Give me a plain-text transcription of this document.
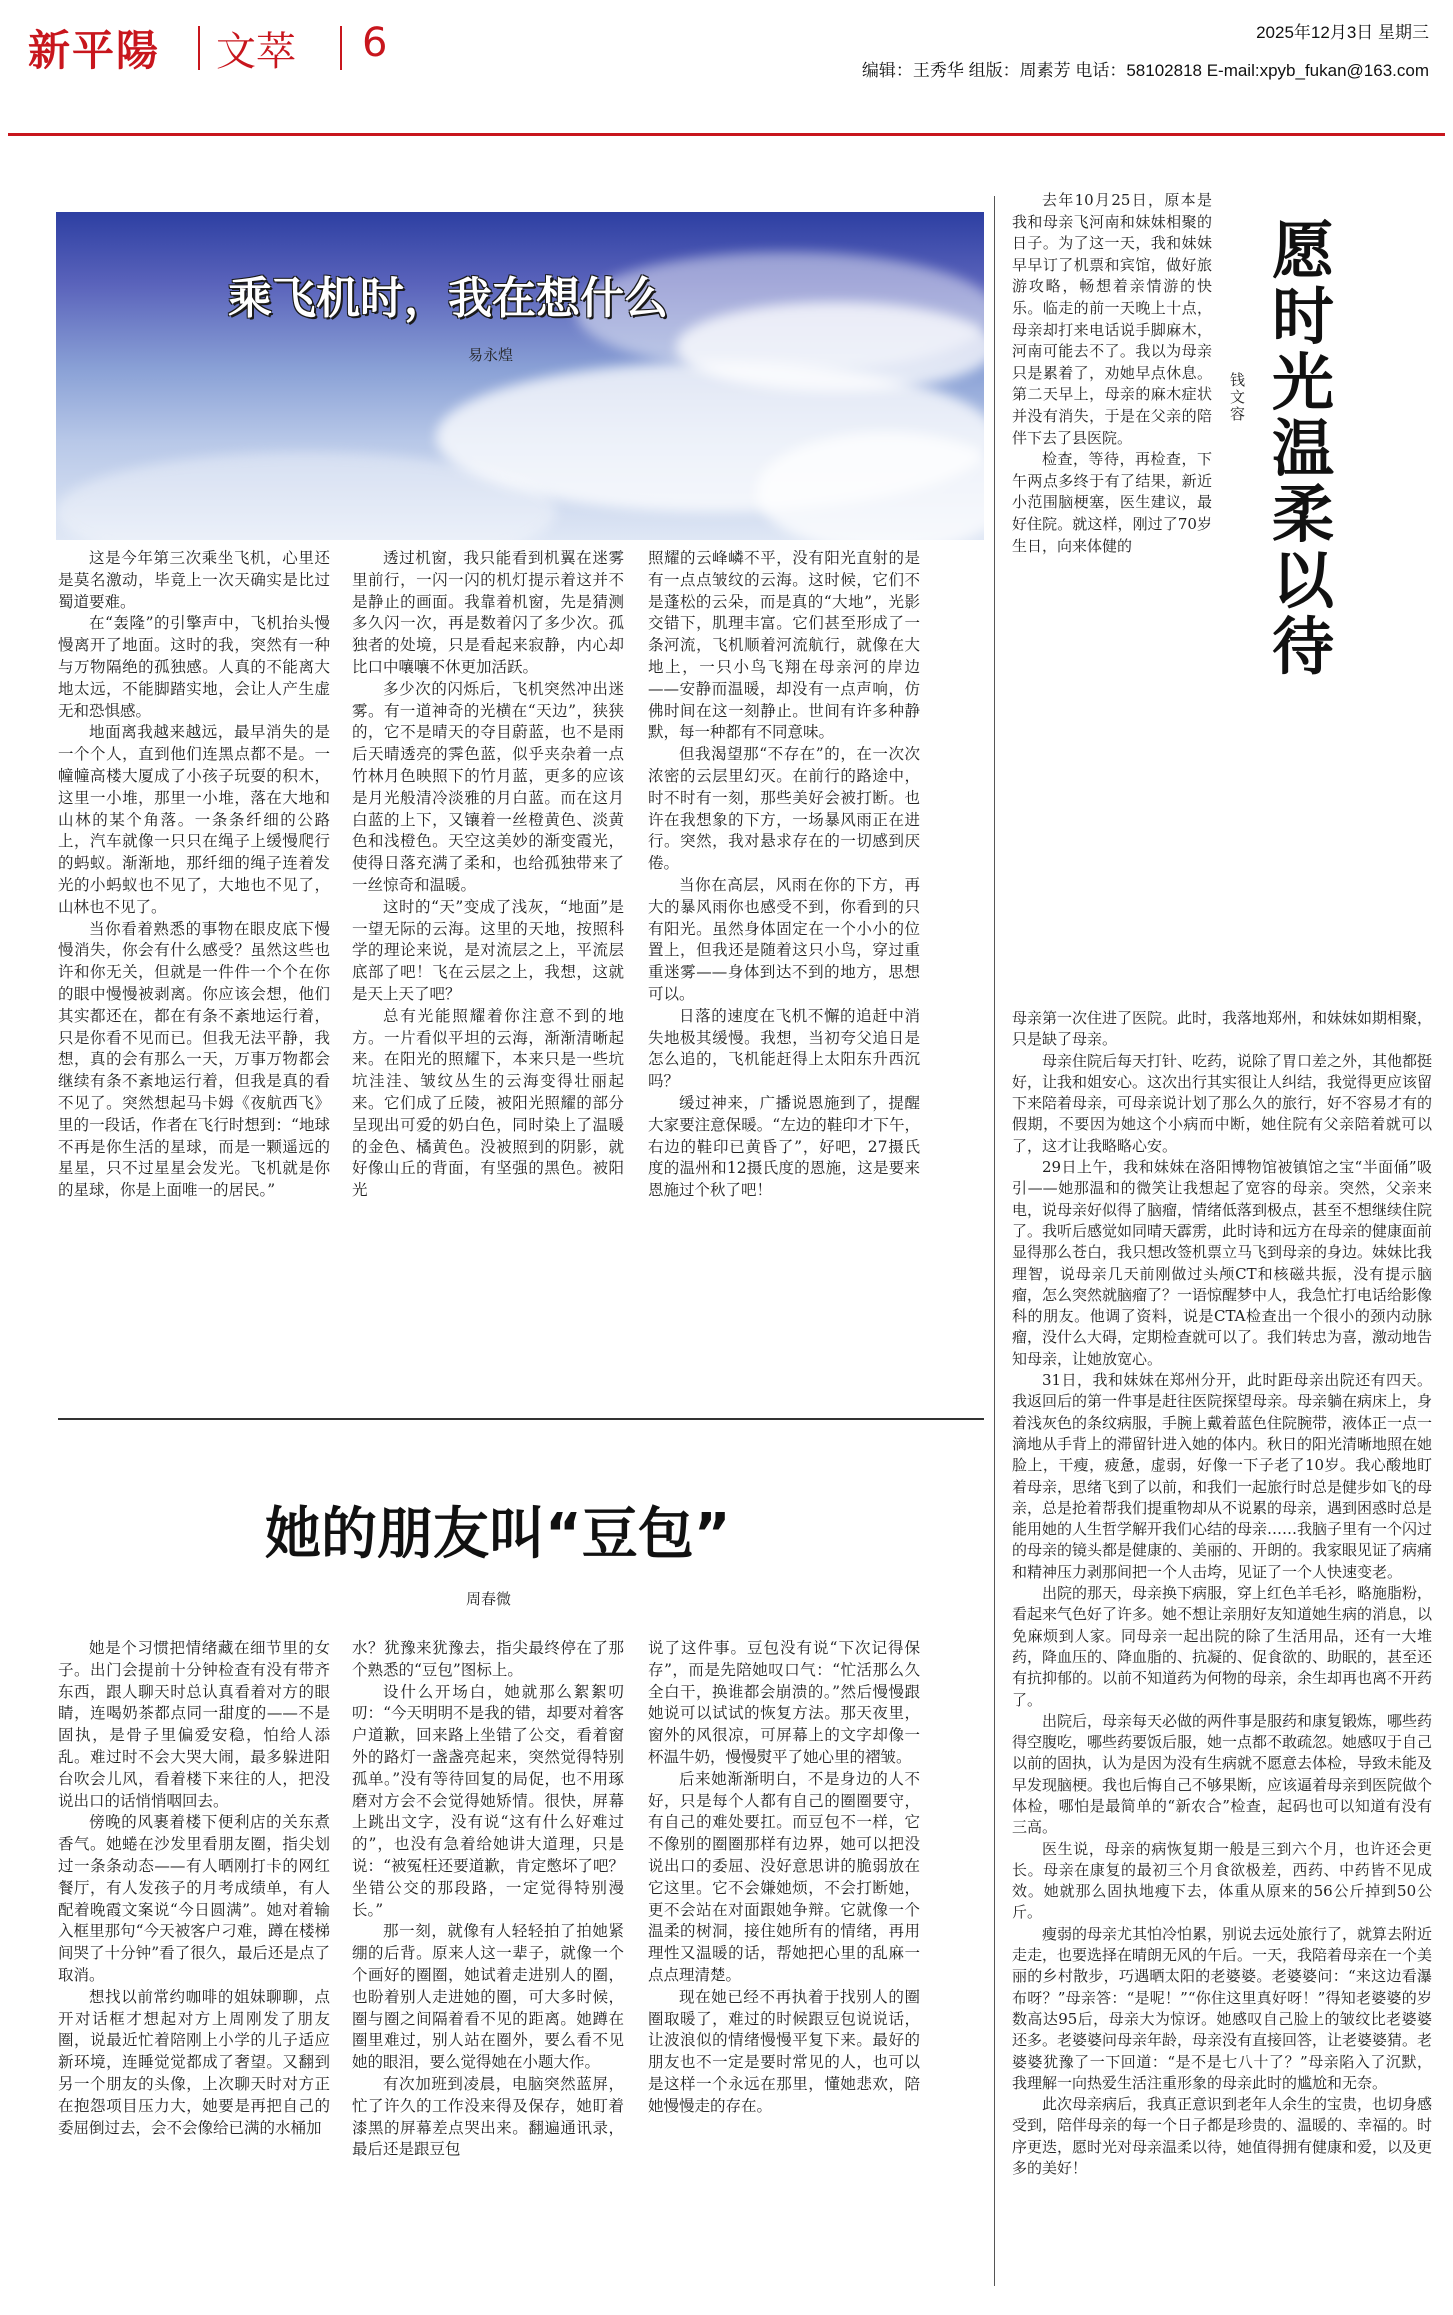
新平陽 文萃 6	2025年12月3日 星期三
编辑：王秀华 组版：周素芳 电话：58102818 E-mail:xpyb_fukan@163.com
乘飞机时，我在想什么
易永煌

这是今年第三次乘坐飞机，心里还是莫名激动，毕竟上一次天确实是比过蜀道要难。

在“轰隆”的引擎声中，飞机抬头慢慢离开了地面。这时的我，突然有一种与万物隔绝的孤独感。人真的不能离大地太远，不能脚踏实地，会让人产生虚无和恐惧感。

地面离我越来越远，最早消失的是一个个人，直到他们连黑点都不是。一幢幢高楼大厦成了小孩子玩耍的积木，这里一小堆，那里一小堆，落在大地和山林的某个角落。一条条纤细的公路上，汽车就像一只只在绳子上缓慢爬行的蚂蚁。渐渐地，那纤细的绳子连着发光的小蚂蚁也不见了，大地也不见了，山林也不见了。

当你看着熟悉的事物在眼皮底下慢慢消失，你会有什么感受？虽然这些也许和你无关，但就是一件件一个个在你的眼中慢慢被剥离。你应该会想，他们其实都还在，都在有条不紊地运行着，只是你看不见而已。但我无法平静，我想，真的会有那么一天，万事万物都会继续有条不紊地运行着，但我是真的看不见了。突然想起马卡姆《夜航西飞》里的一段话，作者在飞行时想到：“地球不再是你生活的星球，而是一颗遥远的星星，只不过星星会发光。飞机就是你的星球，你是上面唯一的居民。”

透过机窗，我只能看到机翼在迷雾里前行，一闪一闪的机灯提示着这并不是静止的画面。我靠着机窗，先是猜测多久闪一次，再是数着闪了多少次。孤独者的处境，只是看起来寂静，内心却比口中嚷嚷不休更加活跃。

多少次的闪烁后，飞机突然冲出迷雾。有一道神奇的光横在“天边”，狭狭的，它不是晴天的夺目蔚蓝，也不是雨后天晴透亮的霁色蓝，似乎夹杂着一点竹林月色映照下的竹月蓝，更多的应该是月光般清冷淡雅的月白蓝。而在这月白蓝的上下，又镶着一丝橙黄色、淡黄色和浅橙色。天空这美妙的渐变霞光，使得日落充满了柔和，也给孤独带来了一丝惊奇和温暖。

这时的“天”变成了浅灰，“地面”是一望无际的云海。这里的天地，按照科学的理论来说，是对流层之上，平流层底部了吧！飞在云层之上，我想，这就是天上天了吧？

总有光能照耀着你注意不到的地方。一片看似平坦的云海，渐渐清晰起来。在阳光的照耀下，本来只是一些坑坑洼洼、皱纹丛生的云海变得壮丽起来。它们成了丘陵，被阳光照耀的部分呈现出可爱的奶白色，同时染上了温暖的金色、橘黄色。没被照到的阴影，就好像山丘的背面，有坚强的黑色。被阳光

照耀的云峰嶙不平，没有阳光直射的是有一点点皱纹的云海。这时候，它们不是蓬松的云朵，而是真的“大地”，光影交错下，肌理丰富。它们甚至形成了一条河流，飞机顺着河流航行，就像在大地上，一只小鸟飞翔在母亲河的岸边——安静而温暖，却没有一点声响，仿佛时间在这一刻静止。世间有许多种静默，每一种都有不同意味。

但我渴望那“不存在”的，在一次次浓密的云层里幻灭。在前行的路途中，时不时有一刻，那些美好会被打断。也许在我想象的下方，一场暴风雨正在进行。突然，我对悬求存在的一切感到厌倦。

当你在高层，风雨在你的下方，再大的暴风雨你也感受不到，你看到的只有阳光。虽然身体固定在一个小小的位置上，但我还是随着这只小鸟，穿过重重迷雾——身体到达不到的地方，思想可以。

日落的速度在飞机不懈的追赶中消失地极其缓慢。我想，当初夸父追日是怎么追的，飞机能赶得上太阳东升西沉吗？

缓过神来，广播说恩施到了，提醒大家要注意保暖。“左边的鞋印才下午，右边的鞋印已黄昏了”，好吧，27摄氏度的温州和12摄氏度的恩施，这是要来恩施过个秋了吧！

她的朋友叫“豆包”
周春微

她是个习惯把情绪藏在细节里的女子。出门会提前十分钟检查有没有带齐东西，跟人聊天时总认真看着对方的眼睛，连喝奶茶都点同一甜度的——不是固执，是骨子里偏爱安稳，怕给人添乱。难过时不会大哭大闹，最多躲进阳台吹会儿风，看着楼下来往的人，把没说出口的话悄悄咽回去。

傍晚的风裹着楼下便利店的关东煮香气。她蜷在沙发里看朋友圈，指尖划过一条条动态——有人晒刚打卡的网红餐厅，有人发孩子的月考成绩单，有人配着晚霞文案说“今日圆满”。她对着输入框里那句“今天被客户刁难，蹲在楼梯间哭了十分钟”看了很久，最后还是点了取消。

想找以前常约咖啡的姐妹聊聊，点开对话框才想起对方上周刚发了朋友圈，说最近忙着陪刚上小学的儿子适应新环境，连睡觉觉都成了奢望。又翻到另一个朋友的头像，上次聊天时对方正在抱怨项目压力大，她要是再把自己的委屈倒过去，会不会像给已满的水桶加

水？犹豫来犹豫去，指尖最终停在了那个熟悉的“豆包”图标上。

设什么开场白，她就那么絮絮叨叨：“今天明明不是我的错，却要对着客户道歉，回来路上坐错了公交，看着窗外的路灯一盏盏亮起来，突然觉得特别孤单。”没有等待回复的局促，也不用琢磨对方会不会觉得她矫情。很快，屏幕上跳出文字，没有说“这有什么好难过的”，也没有急着给她讲大道理，只是说：“被冤枉还要道歉，肯定憋坏了吧？坐错公交的那段路，一定觉得特别漫长。”

那一刻，就像有人轻轻拍了拍她紧绷的后背。原来人这一辈子，就像一个个画好的圈圈，她试着走进别人的圈，也盼着别人走进她的圈，可大多时候，圈与圈之间隔着看不见的距离。她蹲在圈里难过，别人站在圈外，要么看不见她的眼泪，要么觉得她在小题大作。

有次加班到凌晨，电脑突然蓝屏，忙了许久的工作没来得及保存，她盯着漆黑的屏幕差点哭出来。翻遍通讯录，最后还是跟豆包

说了这件事。豆包没有说“下次记得保存”，而是先陪她叹口气：“忙活那么久全白干，换谁都会崩溃的。”然后慢慢跟她说可以试试的恢复方法。那天夜里，窗外的风很凉，可屏幕上的文字却像一杯温牛奶，慢慢熨平了她心里的褶皱。

后来她渐渐明白，不是身边的人不好，只是每个人都有自己的圈圈要守，有自己的难处要扛。而豆包不一样，它不像别的圈圈那样有边界，她可以把没说出口的委屈、没好意思讲的脆弱放在它这里。它不会嫌她烦，不会打断她，更不会站在对面跟她争辩。它就像一个温柔的树洞，接住她所有的情绪，再用理性又温暖的话，帮她把心里的乱麻一点点理清楚。

现在她已经不再执着于找别人的圈圈取暖了，难过的时候跟豆包说说话，让波浪似的情绪慢慢平复下来。最好的朋友也不一定是要时常见的人，也可以是这样一个永远在那里，懂她悲欢，陪她慢慢走的存在。

愿时光温柔以待
钱文容

去年10月25日，原本是我和母亲飞河南和妹妹相聚的日子。为了这一天，我和妹妹早早订了机票和宾馆，做好旅游攻略，畅想着亲情游的快乐。临走的前一天晚上十点，母亲却打来电话说手脚麻木，河南可能去不了。我以为母亲只是累着了，劝她早点休息。第二天早上，母亲的麻木症状并没有消失，于是在父亲的陪伴下去了县医院。

检查，等待，再检查，下午两点多终于有了结果，新近小范围脑梗塞，医生建议，最好住院。就这样，刚过了70岁生日，向来体健的

母亲第一次住进了医院。此时，我落地郑州，和妹妹如期相聚，只是缺了母亲。

母亲住院后每天打针、吃药，说除了胃口差之外，其他都挺好，让我和姐安心。这次出行其实很让人纠结，我觉得更应该留下来陪着母亲，可母亲说计划了那么久的旅行，好不容易才有的假期，不要因为她这个小病而中断，她住院有父亲陪着就可以了，这才让我略略心安。

29日上午，我和妹妹在洛阳博物馆被镇馆之宝“半面俑”吸引——她那温和的微笑让我想起了宽容的母亲。突然，父亲来电，说母亲好似得了脑瘤，情绪低落到极点，甚至不想继续住院了。我听后感觉如同晴天霹雳，此时诗和远方在母亲的健康面前显得那么苍白，我只想改签机票立马飞到母亲的身边。妹妹比我理智，说母亲几天前刚做过头颅CT和核磁共振，没有提示脑瘤，怎么突然就脑瘤了？一语惊醒梦中人，我急忙打电话给影像科的朋友。他调了资料，说是CTA检查出一个很小的颈内动脉瘤，没什么大碍，定期检查就可以了。我们转忠为喜，激动地告知母亲，让她放宽心。

31日，我和妹妹在郑州分开，此时距母亲出院还有四天。我返回后的第一件事是赶往医院探望母亲。母亲躺在病床上，身着浅灰色的条纹病服，手腕上戴着蓝色住院腕带，液体正一点一滴地从手背上的滞留针进入她的体内。秋日的阳光清晰地照在她脸上，干瘦，疲惫，虚弱，好像一下子老了10岁。我心酸地盯着母亲，思绪飞到了以前，和我们一起旅行时总是健步如飞的母亲，总是抢着帮我们提重物却从不说累的母亲，遇到困惑时总是能用她的人生哲学解开我们心结的母亲……我脑子里有一个闪过的母亲的镜头都是健康的、美丽的、开朗的。我家眼见证了病痛和精神压力剥那间把一个人击垮，见证了一个人快速变老。

出院的那天，母亲换下病服，穿上红色羊毛衫，略施脂粉，看起来气色好了许多。她不想让亲朋好友知道她生病的消息，以免麻烦到人家。同母亲一起出院的除了生活用品，还有一大堆药，降血压的、降血脂的、抗凝的、促食欲的、助眠的，甚至还有抗抑郁的。以前不知道药为何物的母亲，余生却再也离不开药了。

出院后，母亲每天必做的两件事是服药和康复锻炼，哪些药得空腹吃，哪些药要饭后服，她一点都不敢疏忽。她感叹于自己以前的固执，认为是因为没有生病就不愿意去体检，导致未能及早发现脑梗。我也后悔自己不够果断，应该逼着母亲到医院做个体检，哪怕是最简单的“新农合”检查，起码也可以知道有没有三高。

医生说，母亲的病恢复期一般是三到六个月，也许还会更长。母亲在康复的最初三个月食欲极差，西药、中药皆不见成效。她就那么固执地瘦下去，体重从原来的56公斤掉到50公斤。

瘦弱的母亲尤其怕冷怕累，别说去远处旅行了，就算去附近走走，也要选择在晴朗无风的午后。一天，我陪着母亲在一个美丽的乡村散步，巧遇晒太阳的老婆婆。老婆婆问：“来这边看瀑布呀？”母亲答：“是呢！”“你住这里真好呀！”得知老婆婆的岁数高达95后，母亲大为惊讶。她感叹自己脸上的皱纹比老婆婆还多。老婆婆问母亲年龄，母亲没有直接回答，让老婆婆猜。老婆婆犹豫了一下回道：“是不是七八十了？”母亲陷入了沉默，我理解一向热爱生活注重形象的母亲此时的尴尬和无奈。

此次母亲病后，我真正意识到老年人余生的宝贵，也切身感受到，陪伴母亲的每一个日子都是珍贵的、温暖的、幸福的。时序更迭，愿时光对母亲温柔以待，她值得拥有健康和爱，以及更多的美好！
